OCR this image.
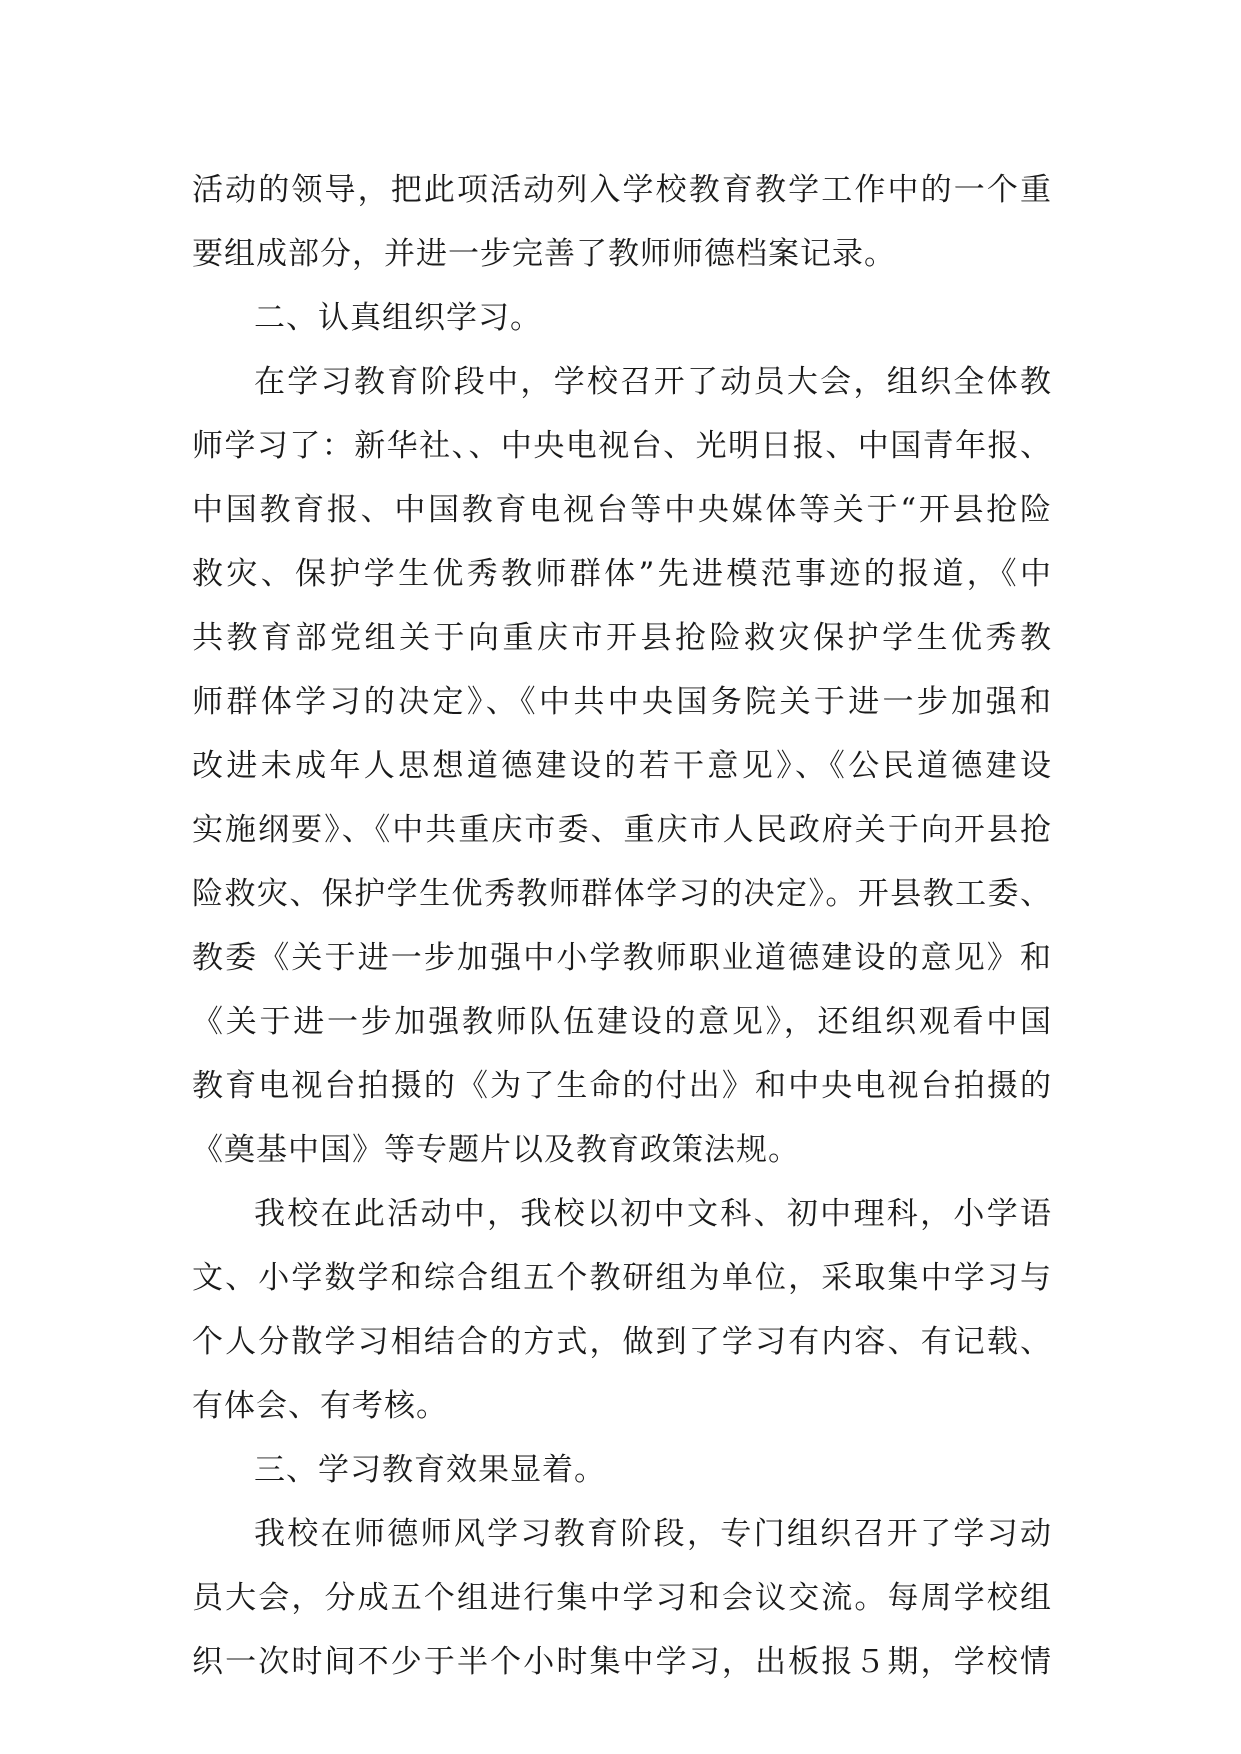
活动的领导，把此项活动列入学校教育教学工作中的一个重
要组成部分，并进一步完善了教师师德档案记录。
二、认真组织学习。
在学习教育阶段中，学校召开了动员大会，组织全体教
师学习了：新华社、、中央电视台、光明日报、中国青年报、
中国教育报、中国教育电视台等中央媒体等关于“开县抢险
救灾、保护学生优秀教师群体”先进模范事迹的报道，《中
共教育部党组关于向重庆市开县抢险救灾保护学生优秀教
师群体学习的决定》、《中共中央国务院关于进一步加强和
改进未成年人思想道德建设的若干意见》、《公民道德建设
实施纲要》、《中共重庆市委、重庆市人民政府关于向开县抢
险救灾、保护学生优秀教师群体学习的决定》。开县教工委、
教委《关于进一步加强中小学教师职业道德建设的意见》和
《关于进一步加强教师队伍建设的意见》，还组织观看中国
教育电视台拍摄的《为了生命的付出》和中央电视台拍摄的
《奠基中国》等专题片以及教育政策法规。
我校在此活动中，我校以初中文科、初中理科，小学语
文、小学数学和综合组五个教研组为单位，采取集中学习与
个人分散学习相结合的方式，做到了学习有内容、有记载、
有体会、有考核。
三、学习教育效果显着。
我校在师德师风学习教育阶段，专门组织召开了学习动
员大会，分成五个组进行集中学习和会议交流。每周学校组
织一次时间不少于半个小时集中学习，出板报５期，学校情
